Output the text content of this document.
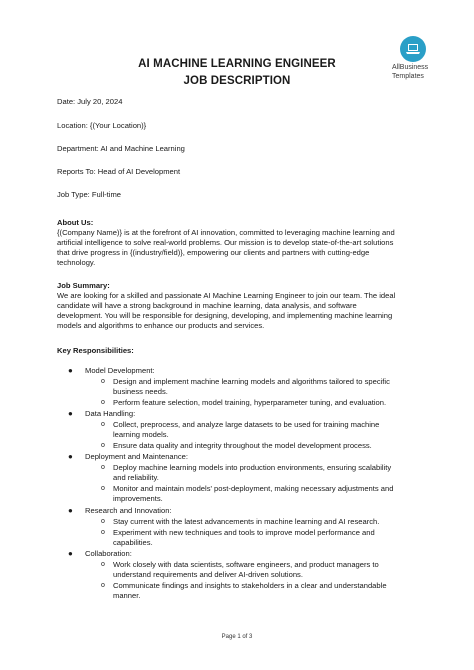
AllBusiness
Templates
AI MACHINE LEARNING ENGINEER
JOB DESCRIPTION

Date: July 20, 2024

Location: {(Your Location)}

Department: AI and Machine Learning

Reports To: Head of AI Development

Job Type: Full-time

About Us:

{(Company Name)} is at the forefront of AI innovation, committed to leveraging machine learning and

artificial intelligence to solve real-world problems. Our mission is to develop state-of-the-art solutions

that drive progress in {(industry/field)}, empowering our clients and partners with cutting-edge

technology.

Job Summary:

We are looking for a skilled and passionate AI Machine Learning Engineer to join our team. The ideal

candidate will have a strong background in machine learning, data analysis, and software

development. You will be responsible for designing, developing, and implementing machine learning

models and algorithms to enhance our products and services.

Key Responsibilities:

● Model Development:
o Design and implement machine learning models and algorithms tailored to specific
business needs.
o Perform feature selection, model training, hyperparameter tuning, and evaluation.
● Data Handling:
o Collect, preprocess, and analyze large datasets to be used for training machine
learning models.
o Ensure data quality and integrity throughout the model development process.
● Deployment and Maintenance:
o Deploy machine learning models into production environments, ensuring scalability
and reliability.
o Monitor and maintain models' post-deployment, making necessary adjustments and
improvements.
● Research and Innovation:
o Stay current with the latest advancements in machine learning and AI research.
o Experiment with new techniques and tools to improve model performance and
capabilities.
● Collaboration:
o Work closely with data scientists, software engineers, and product managers to
understand requirements and deliver AI-driven solutions.
o Communicate findings and insights to stakeholders in a clear and understandable
manner.
Page 1 of 3
